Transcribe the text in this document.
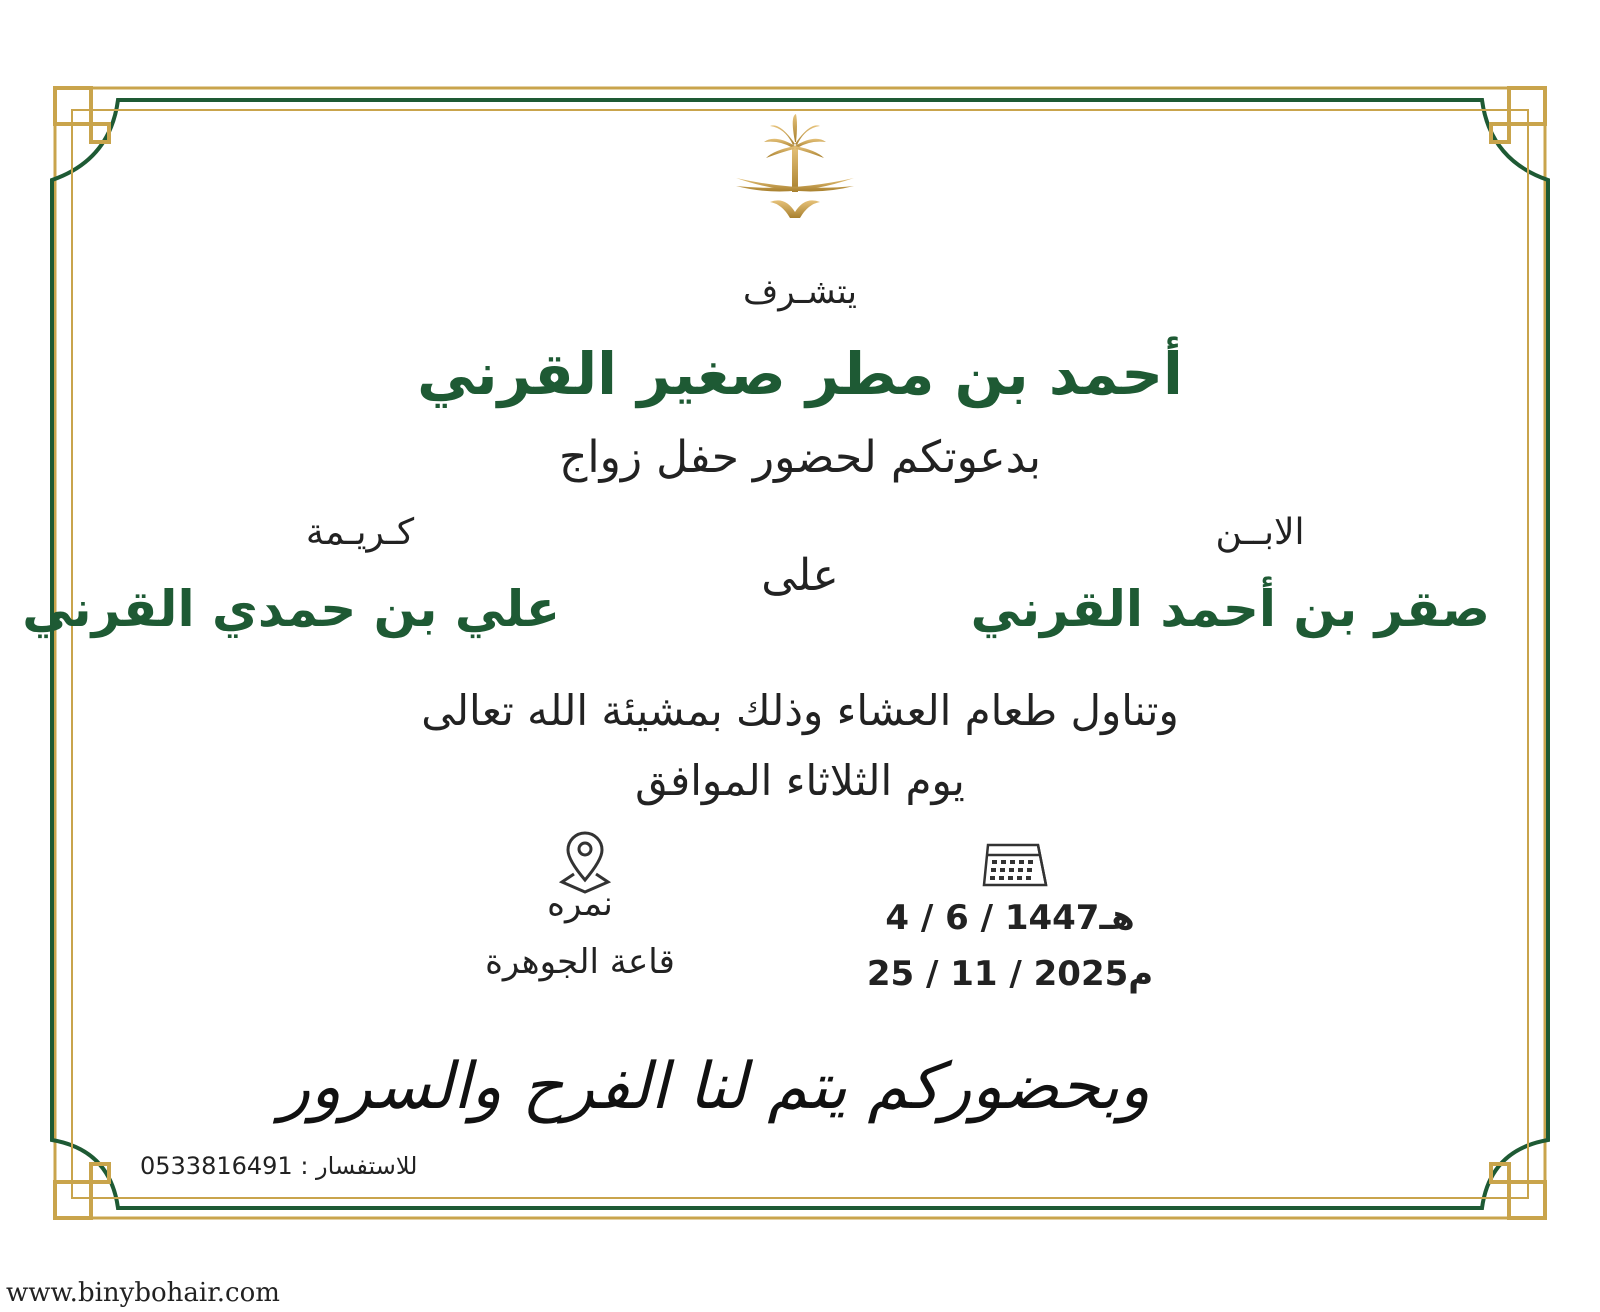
يتشـرف
أحمد بن مطر صغير القرني
بدعوتكم لحضور حفل زواج
الابــن
صقر بن أحمد القرني
على
كـريـمة
علي بن حمدي القرني
وتناول طعام العشاء وذلك بمشيئة الله تعالى
يوم الثلاثاء الموافق
4 / 6 / 1447هـ
25 / 11 / 2025م
نمره
قاعة الجوهرة
وبحضوركم يتم لنا الفرح والسرور
للاستفسار : 0533816491
www.binybohair.com
